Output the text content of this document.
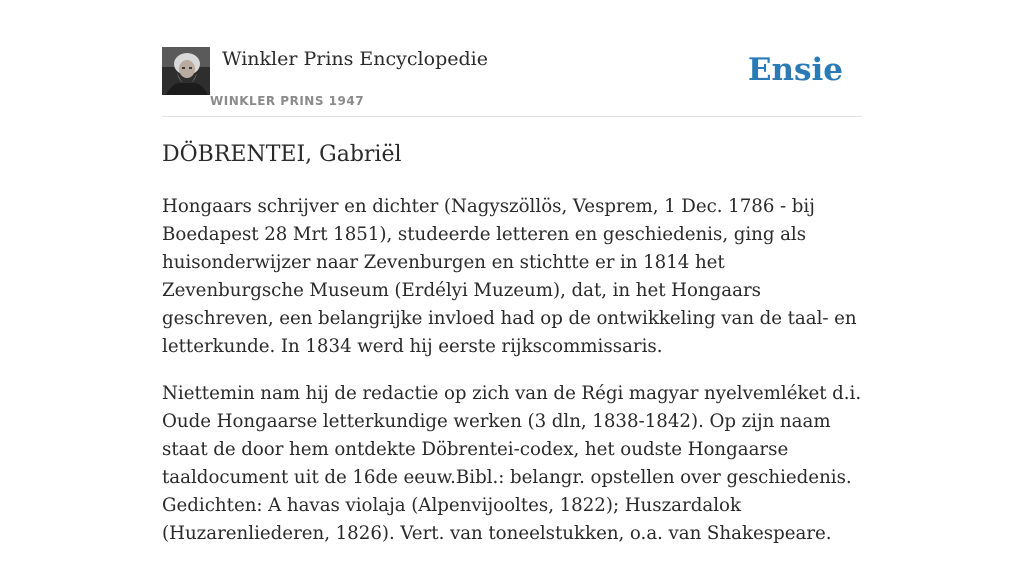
Winkler Prins Encyclopedie
WINKLER PRINS 1947
Ensie
DÖBRENTEI, Gabriël

Hongaars schrijver en dichter (Nagyszöllös, Vesprem, 1 Dec. 1786 - bij Boedapest 28 Mrt 1851), studeerde letteren en geschiedenis, ging als huisonderwijzer naar Zevenburgen en stichtte er in 1814 het Zevenburgsche Museum (Erdélyi Muzeum), dat, in het Hongaars geschreven, een belangrijke invloed had op de ontwikkeling van de taal- en letterkunde. In 1834 werd hij eerste rijkscommissaris.

Niettemin nam hij de redactie op zich van de Régi magyar nyelvemléket d.i. Oude Hongaarse letterkundige werken (3 dln, 1838-1842). Op zijn naam staat de door hem ontdekte Döbrentei-codex, het oudste Hongaarse taaldocument uit de 16de eeuw.Bibl.: belangr. opstellen over geschiedenis. Gedichten: A havas violaja (Alpenvijooltes, 1822); Huszardalok (Huzarenliederen, 1826). Vert. van toneelstukken, o.a. van Shakespeare.
